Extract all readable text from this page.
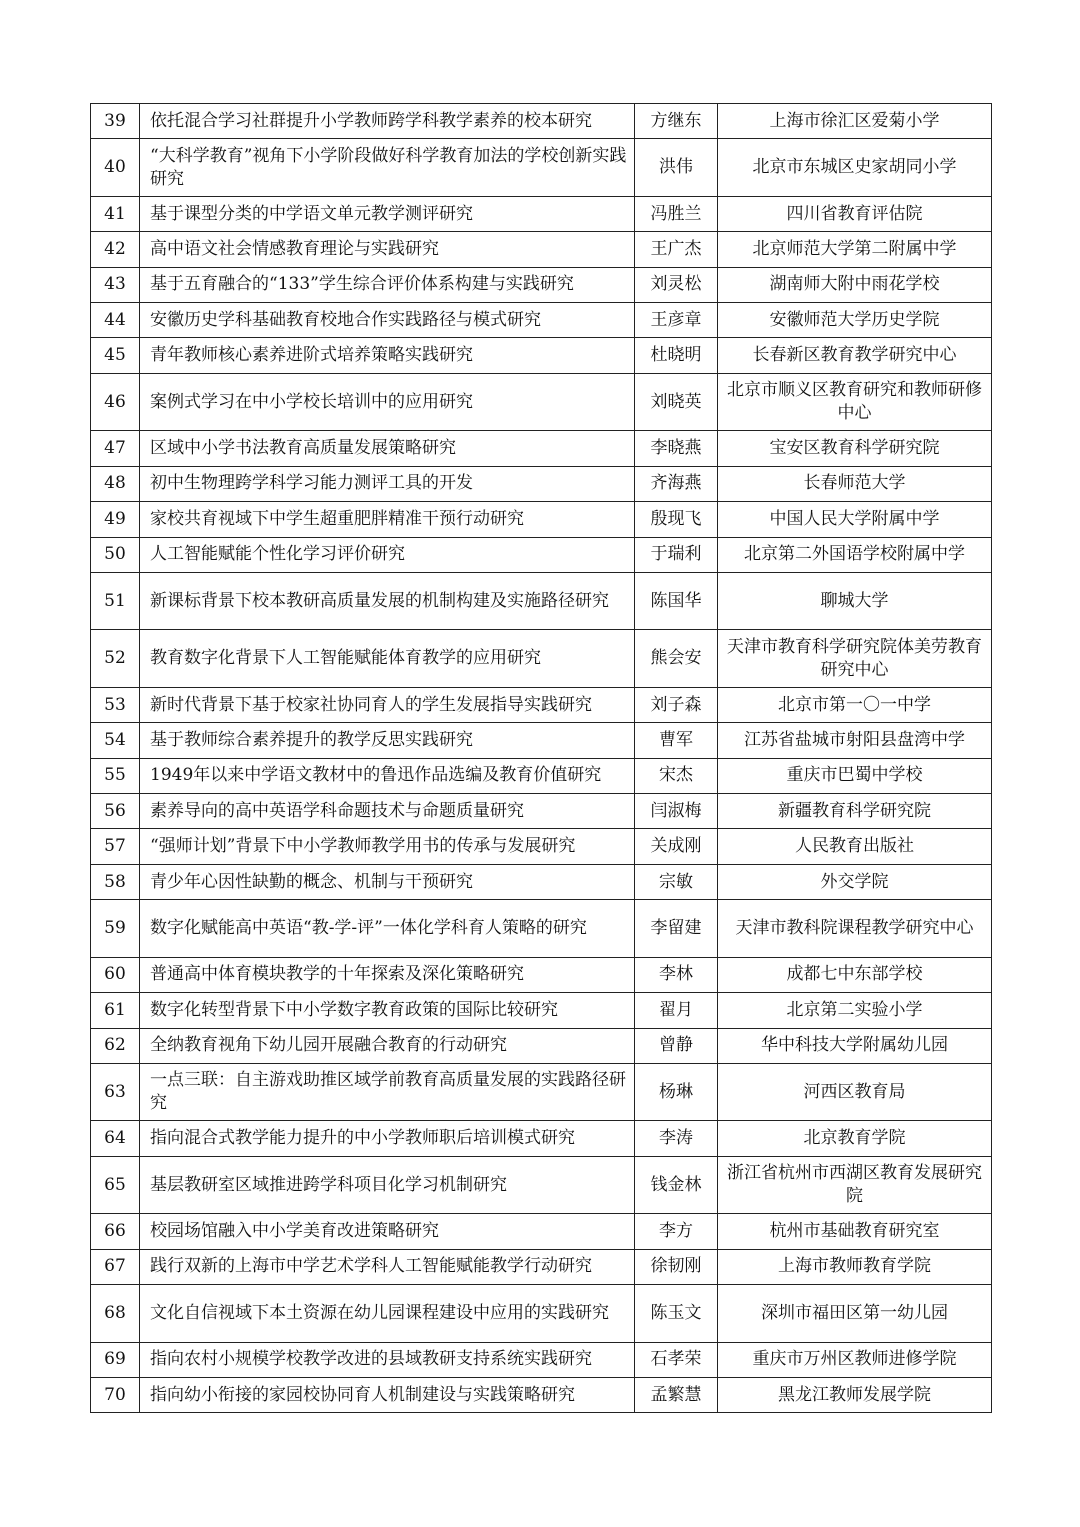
39	依托混合学习社群提升小学教师跨学科教学素养的校本研究	方继东	上海市徐汇区爱菊小学
40	“大科学教育”视角下小学阶段做好科学教育加法的学校创新实践研究	洪伟	北京市东城区史家胡同小学
41	基于课型分类的中学语文单元教学测评研究	冯胜兰	四川省教育评估院
42	高中语文社会情感教育理论与实践研究	王广杰	北京师范大学第二附属中学
43	基于五育融合的“133”学生综合评价体系构建与实践研究	刘灵松	湖南师大附中雨花学校
44	安徽历史学科基础教育校地合作实践路径与模式研究	王彦章	安徽师范大学历史学院
45	青年教师核心素养进阶式培养策略实践研究	杜晓明	长春新区教育教学研究中心
46	案例式学习在中小学校长培训中的应用研究	刘晓英	北京市顺义区教育研究和教师研修中心
47	区域中小学书法教育高质量发展策略研究	李晓燕	宝安区教育科学研究院
48	初中生物理跨学科学习能力测评工具的开发	齐海燕	长春师范大学
49	家校共育视域下中学生超重肥胖精准干预行动研究	殷现飞	中国人民大学附属中学
50	人工智能赋能个性化学习评价研究	于瑞利	北京第二外国语学校附属中学
51	新课标背景下校本教研高质量发展的机制构建及实施路径研究	陈国华	聊城大学
52	教育数字化背景下人工智能赋能体育教学的应用研究	熊会安	天津市教育科学研究院体美劳教育研究中心
53	新时代背景下基于校家社协同育人的学生发展指导实践研究	刘子森	北京市第一〇一中学
54	基于教师综合素养提升的教学反思实践研究	曹军	江苏省盐城市射阳县盘湾中学
55	1949年以来中学语文教材中的鲁迅作品选编及教育价值研究	宋杰	重庆市巴蜀中学校
56	素养导向的高中英语学科命题技术与命题质量研究	闫淑梅	新疆教育科学研究院
57	“强师计划”背景下中小学教师教学用书的传承与发展研究	关成刚	人民教育出版社
58	青少年心因性缺勤的概念、机制与干预研究	宗敏	外交学院
59	数字化赋能高中英语“教-学-评”一体化学科育人策略的研究	李留建	天津市教科院课程教学研究中心
60	普通高中体育模块教学的十年探索及深化策略研究	李林	成都七中东部学校
61	数字化转型背景下中小学数字教育政策的国际比较研究	翟月	北京第二实验小学
62	全纳教育视角下幼儿园开展融合教育的行动研究	曾静	华中科技大学附属幼儿园
63	一点三联：自主游戏助推区域学前教育高质量发展的实践路径研究	杨琳	河西区教育局
64	指向混合式教学能力提升的中小学教师职后培训模式研究	李涛	北京教育学院
65	基层教研室区域推进跨学科项目化学习机制研究	钱金林	浙江省杭州市西湖区教育发展研究院
66	校园场馆融入中小学美育改进策略研究	李方	杭州市基础教育研究室
67	践行双新的上海市中学艺术学科人工智能赋能教学行动研究	徐韧刚	上海市教师教育学院
68	文化自信视域下本土资源在幼儿园课程建设中应用的实践研究	陈玉文	深圳市福田区第一幼儿园
69	指向农村小规模学校教学改进的县域教研支持系统实践研究	石孝荣	重庆市万州区教师进修学院
70	指向幼小衔接的家园校协同育人机制建设与实践策略研究	孟繁慧	黑龙江教师发展学院
